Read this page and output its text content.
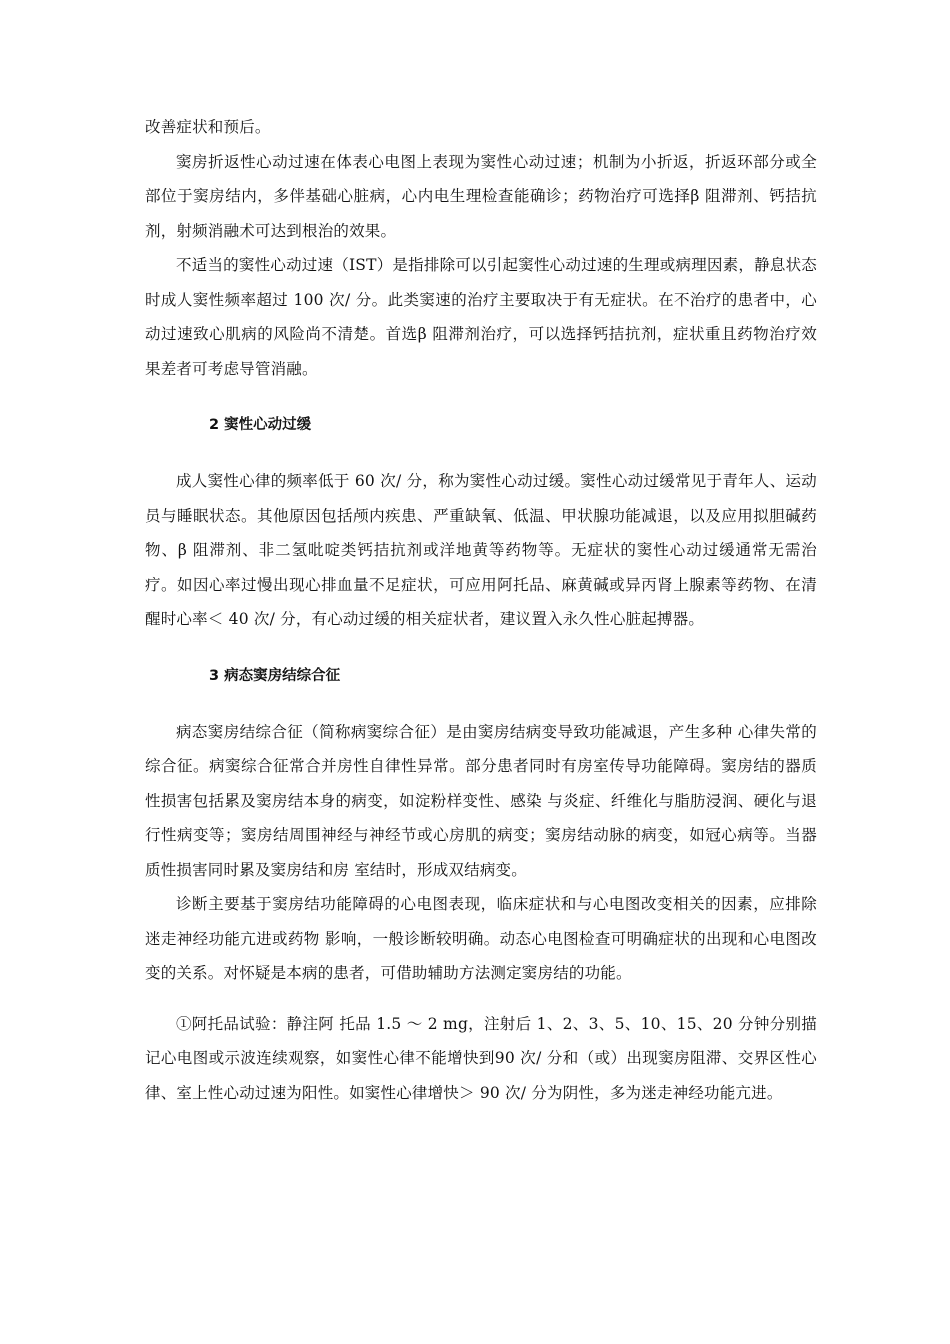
改善症状和预后。

窦房折返性心动过速在体表心电图上表现为窦性心动过速；机制为小折返，折返环部分或全部位于窦房结内，多伴基础心脏病，心内电生理检查能确诊；药物治疗可选择β 阻滞剂、钙拮抗剂，射频消融术可达到根治的效果。

不适当的窦性心动过速（IST）是指排除可以引起窦性心动过速的生理或病理因素，静息状态时成人窦性频率超过 100 次/ 分。此类窦速的治疗主要取决于有无症状。在不治疗的患者中，心动过速致心肌病的风险尚不清楚。首选β 阻滞剂治疗，可以选择钙拮抗剂，症状重且药物治疗效果差者可考虑导管消融。

2 窦性心动过缓

成人窦性心律的频率低于 60 次/ 分，称为窦性心动过缓。窦性心动过缓常见于青年人、运动员与睡眠状态。其他原因包括颅内疾患、严重缺氧、低温、甲状腺功能减退，以及应用拟胆碱药物、β 阻滞剂、非二氢吡啶类钙拮抗剂或洋地黄等药物等。无症状的窦性心动过缓通常无需治疗。如因心率过慢出现心排血量不足症状，可应用阿托品、麻黄碱或异丙肾上腺素等药物、在清醒时心率＜ 40 次/ 分，有心动过缓的相关症状者，建议置入永久性心脏起搏器。

3 病态窦房结综合征

病态窦房结综合征（简称病窦综合征）是由窦房结病变导致功能减退，产生多种 心律失常的综合征。病窦综合征常合并房性自律性异常。部分患者同时有房室传导功能障碍。窦房结的器质性损害包括累及窦房结本身的病变，如淀粉样变性、感染 与炎症、纤维化与脂肪浸润、硬化与退行性病变等；窦房结周围神经与神经节或心房肌的病变；窦房结动脉的病变，如冠心病等。当器质性损害同时累及窦房结和房 室结时，形成双结病变。

诊断主要基于窦房结功能障碍的心电图表现，临床症状和与心电图改变相关的因素，应排除迷走神经功能亢进或药物 影响，一般诊断较明确。动态心电图检查可明确症状的出现和心电图改变的关系。对怀疑是本病的患者，可借助辅助方法测定窦房结的功能。

①阿托品试验：静注阿 托品 1.5 ～ 2 mg，注射后 1、2、3、5、10、15、20 分钟分别描记心电图或示波连续观察，如窦性心律不能增快到90 次/ 分和（或）出现窦房阻滞、交界区性心律、室上性心动过速为阳性。如窦性心律增快＞ 90 次/ 分为阴性，多为迷走神经功能亢进。
